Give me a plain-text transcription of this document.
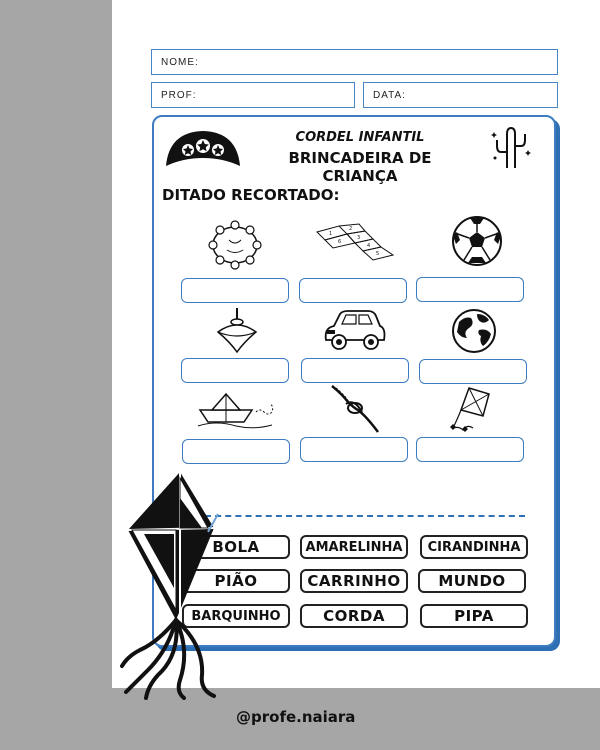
NOME:
PROF:	DATA:
CORDEL INFANTIL
BRINCADEIRA DE CRIANÇA
DITADO RECORTADO:
1
2
3
4
5
6
BOLA	AMARELINHA	CIRANDINHA
PIÃO	CARRINHO	MUNDO
BARQUINHO	CORDA	PIPA
@profe.naiara
